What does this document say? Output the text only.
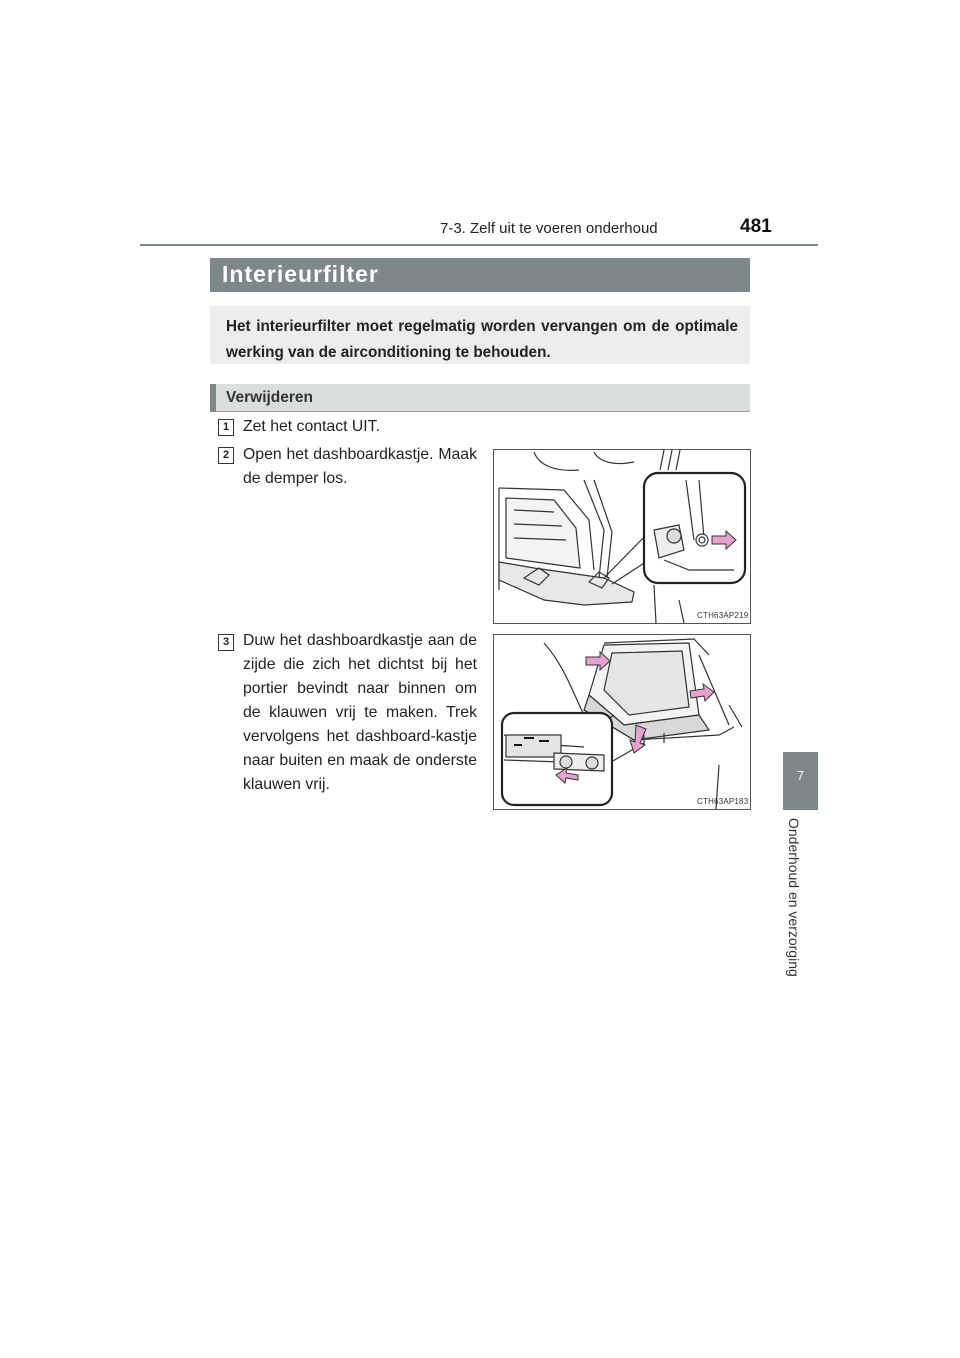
7-3. Zelf uit te voeren onderhoud	481
7
Onderhoud en verzorging
Interieurfilter
Het interieurfilter moet regelmatig worden vervangen om de optimale werking van de airconditioning te behouden.
Verwijderen
1 Zet het contact UIT.
2 Open het dashboardkastje. Maak de demper los.
CTH63AP219
3 Duw het dashboardkastje aan de zijde die zich het dichtst bij het portier bevindt naar binnen om de klauwen vrij te maken. Trek vervolgens het dashboard-kastje naar buiten en maak de onderste klauwen vrij.
CTH63AP183
